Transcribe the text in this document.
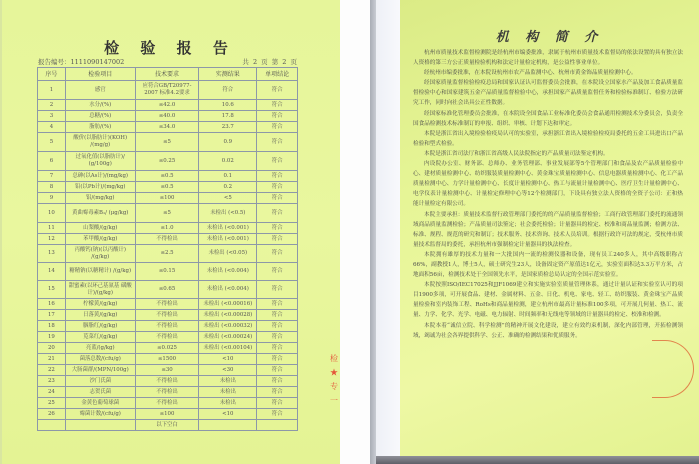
检 验 报 告
报告编号：1111090147002	共 2 页 第 2 页
序号	检验项目	技术要求	实测结果	单项结论
1	感官	应符合GB/T20977-2007 标准4.2要求	符合	符合
2	水分/(%)	≤42.0	10.6	符合
3	总糖/(%)	≤40.0	17.8	符合
4	脂肪/(%)	≤34.0	23.7	符合
5	酸价(以脂肪计)(KOH) /(mg/g)	≤5	0.9	符合
6	过氧化值(以脂肪计)/ (g/100g)	≤0.25	0.02	符合
7	总砷(以As计)/(mg/kg)	≤0.5	0.1	符合
8	铅(以Pb计)/(mg/kg)	≤0.5	0.2	符合
9	铝/(mg/kg)	≤100	<5	符合
10	黄曲霉毒素B₁/ (μg/kg)	≤5	未检出 (<0.5)	符合
11	山梨酸/(g/kg)	≤1.0	未检出 (<0.001)	符合
12	苯甲酸/(g/kg)	不得检出	未检出 (<0.001)	符合
13	丙酸钙(钠)(以丙酸计) /(g/kg)	≤2.5	未检出 (<0.05)	符合
14	糖精钠(以糖精计) /(g/kg)	≤0.15	未检出 (<0.004)	符合
15	甜蜜素(以环己基氨基 磺酸计)/(g/kg)	≤0.65	未检出 (<0.004)	符合
16	柠檬黄/(g/kg)	不得检出	未检出 (<0.00016)	符合
17	日落黄/(g/kg)	不得检出	未检出 (<0.00028)	符合
18	胭脂红/(g/kg)	不得检出	未检出 (<0.00032)	符合
19	苋菜红/(g/kg)	不得检出	未检出 (<0.00024)	符合
20	亮蓝/(g/kg)	≤0.025	未检出 (<0.00104)	符合
21	菌落总数/(cfu/g)	≤1500	<10	符合
22	大肠菌群/(MPN/100g)	≤30	<30	符合
23	沙门氏菌	不得检出	未检出	符合
24	志贺氏菌	不得检出	未检出	符合
25	金黄色葡萄球菌	不得检出	未检出	符合
26	霉菌计数/(cfu/g)	≤100	<10	符合
		以下空白		
检 ★ 专 一
机 构 简 介

杭州市质量技术监督检测院是经杭州市编委批准，隶属于杭州市质量技术监督局的依法设置的具有独立法人资格的第三方公正质量检验机构和法定计量检定机构，是公益性事业单位。

经杭州市编委批准，在本院设杭州市农产品监测中心、杭州市黄金饰品质量检测中心。

经国家质量监督检验检疫总局和国家认证认可监督委员会批准，在本院设立国家水产品及加工食品质量监督检验中心和国家建筑五金产品质量监督检验中心，承担国家产品质量监督任务和检验标准制订、检验方法研究工作，同时向社会出具公正性数据。

经国家标准化管理委员会批准，在本院设全国食品工业标准化委员会食品通用检测技术分委员会，负责全国食品检测技术标准制订的申报、组织、审核、计划下达和审定。

本院是浙江省出入境检验检疫局认可的实验室，承担浙江省出入境检验检疫局委托的五金工具进出口产品检验和型式检验。

本院是浙江省司法厅和浙江省高级人民法院指定的产品质量司法鉴定机构。

内设院办公室、财务部、总师办、业务管理部、事业发展部等5个管理部门和食品及农产品质量检验中心、建材质量检测中心、纺织服装质量检测中心、黄金珠宝质量检测中心、信息电器质量检测中心、化工产品质量检测中心、力学计量检测中心、长度计量检测中心、热工与流量计量检测中心、医疗卫生计量检测中心、电学仪表计量检测中心、计量检定修理中心等12个检测部门，下设具有独立法人资格的全资子公司：正和热能计量检定有限公司。

本院主要承担：质量技术监督行政管理部门委托的的产品质量监督检验；工商行政管理部门委托的流通领域商品质量监测检验；产品质量司法鉴定；社会委托检验；计量器具的检定、校准和商品量监测；检测方法、标准、规程、规范的研究和制订；技术服务、技术咨询、技术人员培训。根据行政许可法的规定，受杭州市质量技术监督局的委托，承担杭州市强制检定计量器具的执法检查。

本院拥有雄厚的技术力量和一大批国内一流的检测仪器和设备，现有员工240多人，其中高级职称占66%，副教授1人，博士5人，硕士研究生23人，设备固定资产原值达1亿元，实验室面积达3.3万平方米，占地面积56亩，检测技术处于全国领先水平，是国家质检总局认定的全国示范实验室。

本院按照ISO/IEC17025和JJF1069建立和实施实验室质量管理体系，通过计量认证和实验室认可的项目1900多项，可开展食品、建材、金属材料、五金、日化、机电、家电、轻工、纺织服装、黄金珠宝产品质量检验和室内装饰工程、RoHs和商品量检测，建立杭州市最高计量标准100多项，可开展几何量、热工、流量、力学、化学、光学、电磁、电力辐射、时间频率和无线电等领域的计量器具的检定、校准和检测。

本院本着“诚信立院、科学检测”的精神开展文化建设，建立有效约束机制，深化内部管理，开拓检测领域，竭诚为社会各界提供科学、公正、准确的检测结果和优质服务。
